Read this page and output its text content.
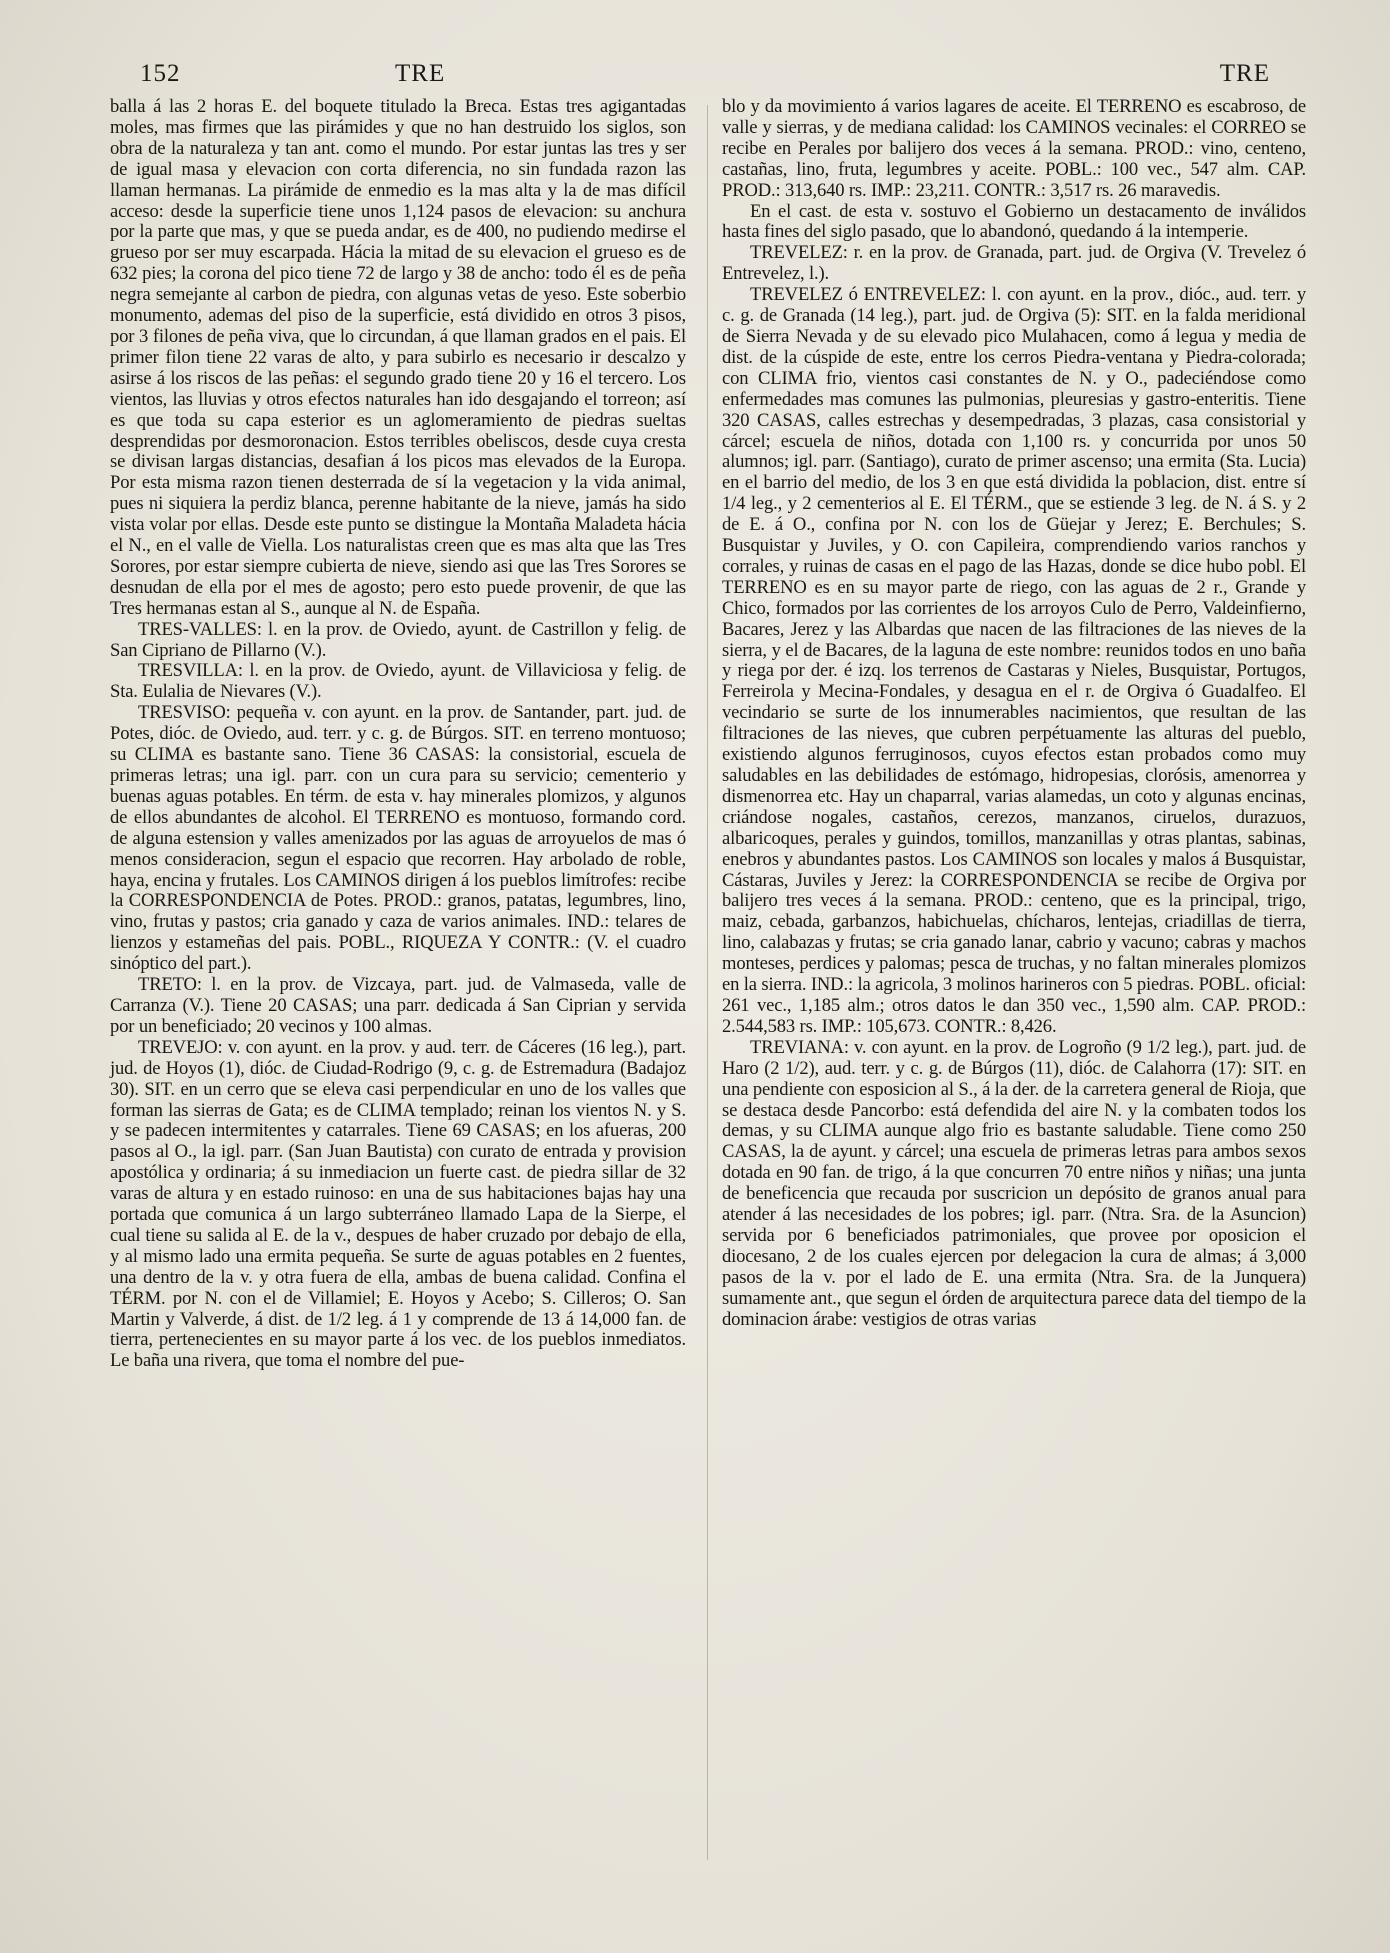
152	TRE	TRE

balla á las 2 horas E. del boquete titulado la Breca. Estas tres agigantadas moles, mas firmes que las pirámides y que no han destruido los siglos, son obra de la naturaleza y tan ant. como el mundo. Por estar juntas las tres y ser de igual masa y elevacion con corta diferencia, no sin fundada razon las llaman hermanas. La pirámide de enmedio es la mas alta y la de mas difícil acceso: desde la superficie tiene unos 1,124 pasos de elevacion: su anchura por la parte que mas, y que se pueda andar, es de 400, no pudiendo medirse el grueso por ser muy escarpada. Hácia la mitad de su elevacion el grueso es de 632 pies; la corona del pico tiene 72 de largo y 38 de ancho: todo él es de peña negra semejante al carbon de piedra, con algunas vetas de yeso. Este soberbio monumento, ademas del piso de la superficie, está dividido en otros 3 pisos, por 3 filones de peña viva, que lo circundan, á que llaman grados en el pais. El primer filon tiene 22 varas de alto, y para subirlo es necesario ir descalzo y asirse á los riscos de las peñas: el segundo grado tiene 20 y 16 el tercero. Los vientos, las lluvias y otros efectos naturales han ido desgajando el torreon; así es que toda su capa esterior es un aglomeramiento de piedras sueltas desprendidas por desmoronacion. Estos terribles obeliscos, desde cuya cresta se divisan largas distancias, desafian á los picos mas elevados de la Europa. Por esta misma razon tienen desterrada de sí la vegetacion y la vida animal, pues ni siquiera la perdiz blanca, perenne habitante de la nieve, jamás ha sido vista volar por ellas. Desde este punto se distingue la Montaña Maladeta hácia el N., en el valle de Viella. Los naturalistas creen que es mas alta que las Tres Sorores, por estar siempre cubierta de nieve, siendo asi que las Tres Sorores se desnudan de ella por el mes de agosto; pero esto puede provenir, de que las Tres hermanas estan al S., aunque al N. de España.

TRES-VALLES: l. en la prov. de Oviedo, ayunt. de Castrillon y felig. de San Cipriano de Pillarno (V.).

TRESVILLA: l. en la prov. de Oviedo, ayunt. de Villaviciosa y felig. de Sta. Eulalia de Nievares (V.).

TRESVISO: pequeña v. con ayunt. en la prov. de Santander, part. jud. de Potes, dióc. de Oviedo, aud. terr. y c. g. de Búrgos. SIT. en terreno montuoso; su CLIMA es bastante sano. Tiene 36 CASAS: la consistorial, escuela de primeras letras; una igl. parr. con un cura para su servicio; cementerio y buenas aguas potables. En térm. de esta v. hay minerales plomizos, y algunos de ellos abundantes de alcohol. El TERRENO es montuoso, formando cord. de alguna estension y valles amenizados por las aguas de arroyuelos de mas ó menos consideracion, segun el espacio que recorren. Hay arbolado de roble, haya, encina y frutales. Los CAMINOS dirigen á los pueblos limítrofes: recibe la CORRESPONDENCIA de Potes. PROD.: granos, patatas, legumbres, lino, vino, frutas y pastos; cria ganado y caza de varios animales. IND.: telares de lienzos y estameñas del pais. POBL., RIQUEZA Y CONTR.: (V. el cuadro sinóptico del part.).

TRETO: l. en la prov. de Vizcaya, part. jud. de Valmaseda, valle de Carranza (V.). Tiene 20 CASAS; una parr. dedicada á San Ciprian y servida por un beneficiado; 20 vecinos y 100 almas.

TREVEJO: v. con ayunt. en la prov. y aud. terr. de Cáceres (16 leg.), part. jud. de Hoyos (1), dióc. de Ciudad-Rodrigo (9, c. g. de Estremadura (Badajoz 30). SIT. en un cerro que se eleva casi perpendicular en uno de los valles que forman las sierras de Gata; es de CLIMA templado; reinan los vientos N. y S. y se padecen intermitentes y catarrales. Tiene 69 CASAS; en los afueras, 200 pasos al O., la igl. parr. (San Juan Bautista) con curato de entrada y provision apostólica y ordinaria; á su inmediacion un fuerte cast. de piedra sillar de 32 varas de altura y en estado ruinoso: en una de sus habitaciones bajas hay una portada que comunica á un largo subterráneo llamado Lapa de la Sierpe, el cual tiene su salida al E. de la v., despues de haber cruzado por debajo de ella, y al mismo lado una ermita pequeña. Se surte de aguas potables en 2 fuentes, una dentro de la v. y otra fuera de ella, ambas de buena calidad. Confina el TÉRM. por N. con el de Villamiel; E. Hoyos y Acebo; S. Cilleros; O. San Martin y Valverde, á dist. de 1/2 leg. á 1 y comprende de 13 á 14,000 fan. de tierra, pertenecientes en su mayor parte á los vec. de los pueblos inmediatos. Le baña una rivera, que toma el nombre del pue-

blo y da movimiento á varios lagares de aceite. El TERRENO es escabroso, de valle y sierras, y de mediana calidad: los CAMINOS vecinales: el CORREO se recibe en Perales por balijero dos veces á la semana. PROD.: vino, centeno, castañas, lino, fruta, legumbres y aceite. POBL.: 100 vec., 547 alm. CAP. PROD.: 313,640 rs. IMP.: 23,211. CONTR.: 3,517 rs. 26 maravedis.

En el cast. de esta v. sostuvo el Gobierno un destacamento de inválidos hasta fines del siglo pasado, que lo abandonó, quedando á la intemperie.

TREVELEZ: r. en la prov. de Granada, part. jud. de Orgiva (V. Trevelez ó Entrevelez, l.).

TREVELEZ ó ENTREVELEZ: l. con ayunt. en la prov., dióc., aud. terr. y c. g. de Granada (14 leg.), part. jud. de Orgiva (5): SIT. en la falda meridional de Sierra Nevada y de su elevado pico Mulahacen, como á legua y media de dist. de la cúspide de este, entre los cerros Piedra-ventana y Piedra-colorada; con CLIMA frio, vientos casi constantes de N. y O., padeciéndose como enfermedades mas comunes las pulmonias, pleuresias y gastro-enteritis. Tiene 320 CASAS, calles estrechas y desempedradas, 3 plazas, casa consistorial y cárcel; escuela de niños, dotada con 1,100 rs. y concurrida por unos 50 alumnos; igl. parr. (Santiago), curato de primer ascenso; una ermita (Sta. Lucia) en el barrio del medio, de los 3 en que está dividida la poblacion, dist. entre sí 1/4 leg., y 2 cementerios al E. El TÉRM., que se estiende 3 leg. de N. á S. y 2 de E. á O., confina por N. con los de Güejar y Jerez; E. Berchules; S. Busquistar y Juviles, y O. con Capileira, comprendiendo varios ranchos y corrales, y ruinas de casas en el pago de las Hazas, donde se dice hubo pobl. El TERRENO es en su mayor parte de riego, con las aguas de 2 r., Grande y Chico, formados por las corrientes de los arroyos Culo de Perro, Valdeinfierno, Bacares, Jerez y las Albardas que nacen de las filtraciones de las nieves de la sierra, y el de Bacares, de la laguna de este nombre: reunidos todos en uno baña y riega por der. é izq. los terrenos de Castaras y Nieles, Busquistar, Portugos, Ferreirola y Mecina-Fondales, y desagua en el r. de Orgiva ó Guadalfeo. El vecindario se surte de los innumerables nacimientos, que resultan de las filtraciones de las nieves, que cubren perpétuamente las alturas del pueblo, existiendo algunos ferruginosos, cuyos efectos estan probados como muy saludables en las debilidades de estómago, hidropesias, clorósis, amenorrea y dismenorrea etc. Hay un chaparral, varias alamedas, un coto y algunas encinas, criándose nogales, castaños, cerezos, manzanos, ciruelos, durazuos, albaricoques, perales y guindos, tomillos, manzanillas y otras plantas, sabinas, enebros y abundantes pastos. Los CAMINOS son locales y malos á Busquistar, Cástaras, Juviles y Jerez: la CORRESPONDENCIA se recibe de Orgiva por balijero tres veces á la semana. PROD.: centeno, que es la principal, trigo, maiz, cebada, garbanzos, habichuelas, chícharos, lentejas, criadillas de tierra, lino, calabazas y frutas; se cria ganado lanar, cabrio y vacuno; cabras y machos monteses, perdices y palomas; pesca de truchas, y no faltan minerales plomizos en la sierra. IND.: la agricola, 3 molinos harineros con 5 piedras. POBL. oficial: 261 vec., 1,185 alm.; otros datos le dan 350 vec., 1,590 alm. CAP. PROD.: 2.544,583 rs. IMP.: 105,673. CONTR.: 8,426.

TREVIANA: v. con ayunt. en la prov. de Logroño (9 1/2 leg.), part. jud. de Haro (2 1/2), aud. terr. y c. g. de Búrgos (11), dióc. de Calahorra (17): SIT. en una pendiente con esposicion al S., á la der. de la carretera general de Rioja, que se destaca desde Pancorbo: está defendida del aire N. y la combaten todos los demas, y su CLIMA aunque algo frio es bastante saludable. Tiene como 250 CASAS, la de ayunt. y cárcel; una escuela de primeras letras para ambos sexos dotada en 90 fan. de trigo, á la que concurren 70 entre niños y niñas; una junta de beneficencia que recauda por suscricion un depósito de granos anual para atender á las necesidades de los pobres; igl. parr. (Ntra. Sra. de la Asuncion) servida por 6 beneficiados patrimoniales, que provee por oposicion el diocesano, 2 de los cuales ejercen por delegacion la cura de almas; á 3,000 pasos de la v. por el lado de E. una ermita (Ntra. Sra. de la Junquera) sumamente ant., que segun el órden de arquitectura parece data del tiempo de la dominacion árabe: vestigios de otras varias
